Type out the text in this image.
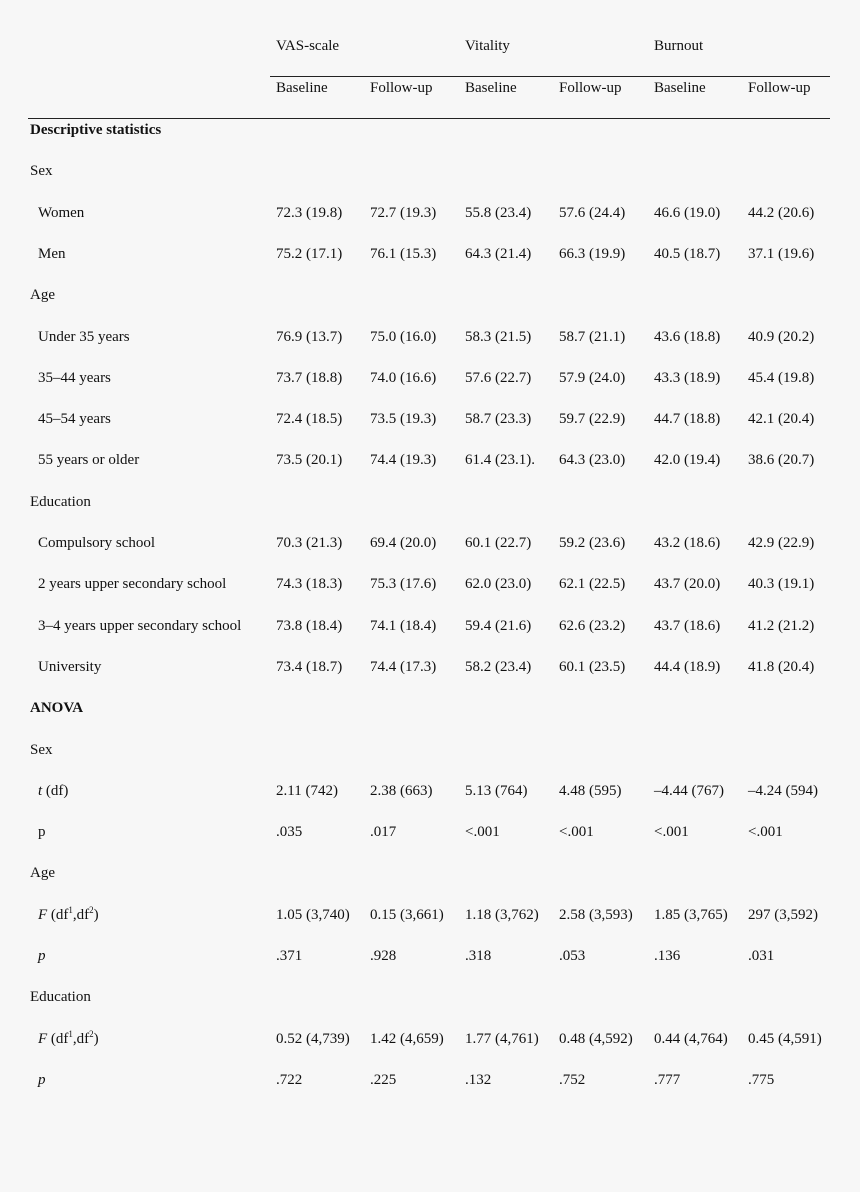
VAS-scale	Vitality	Burnout
Baseline	Follow-up Baseline	Follow-up Baseline	Follow-up
Descriptive statistics
Sex
Women	72.3 (19.8) 72.7 (19.3) 55.8 (23.4) 57.6 (24.4) 46.6 (19.0) 44.2 (20.6)
Men	75.2 (17.1) 76.1 (15.3) 64.3 (21.4) 66.3 (19.9) 40.5 (18.7) 37.1 (19.6)
Age
Under 35 years	76.9 (13.7) 75.0 (16.0) 58.3 (21.5) 58.7 (21.1) 43.6 (18.8) 40.9 (20.2)
35–44 years	73.7 (18.8) 74.0 (16.6) 57.6 (22.7) 57.9 (24.0) 43.3 (18.9) 45.4 (19.8)
45–54 years	72.4 (18.5) 73.5 (19.3) 58.7 (23.3) 59.7 (22.9) 44.7 (18.8) 42.1 (20.4)
55 years or older	73.5 (20.1) 74.4 (19.3) 61.4 (23.1). 64.3 (23.0) 42.0 (19.4) 38.6 (20.7)
Education
Compulsory school	70.3 (21.3) 69.4 (20.0) 60.1 (22.7) 59.2 (23.6) 43.2 (18.6) 42.9 (22.9)
2 years upper secondary school	74.3 (18.3) 75.3 (17.6) 62.0 (23.0) 62.1 (22.5) 43.7 (20.0) 40.3 (19.1)
3–4 years upper secondary school 73.8 (18.4) 74.1 (18.4) 59.4 (21.6) 62.6 (23.2) 43.7 (18.6) 41.2 (21.2)
University	73.4 (18.7) 74.4 (17.3) 58.2 (23.4) 60.1 (23.5) 44.4 (18.9) 41.8 (20.4)
ANOVA
Sex
t (df)	2.11 (742) 2.38 (663) 5.13 (764) 4.48 (595) –4.44 (767) –4.24 (594)
p	.035	.017	<.001	<.001	<.001	<.001
Age
F $(df^1,df^2)$	1.05 (3,740) 0.15 (3,661) 1.18 (3,762) 2.58 (3,593) 1.85 (3,765) 297 (3,592)
p	.371	.928	.318	.053	.136	.031
Education
F $(df^1,df^2)$	0.52 (4,739) 1.42 (4,659) 1.77 (4,761) 0.48 (4,592) 0.44 (4,764) 0.45 (4,591)
p	.722	.225	.132	.752	.777	.775
